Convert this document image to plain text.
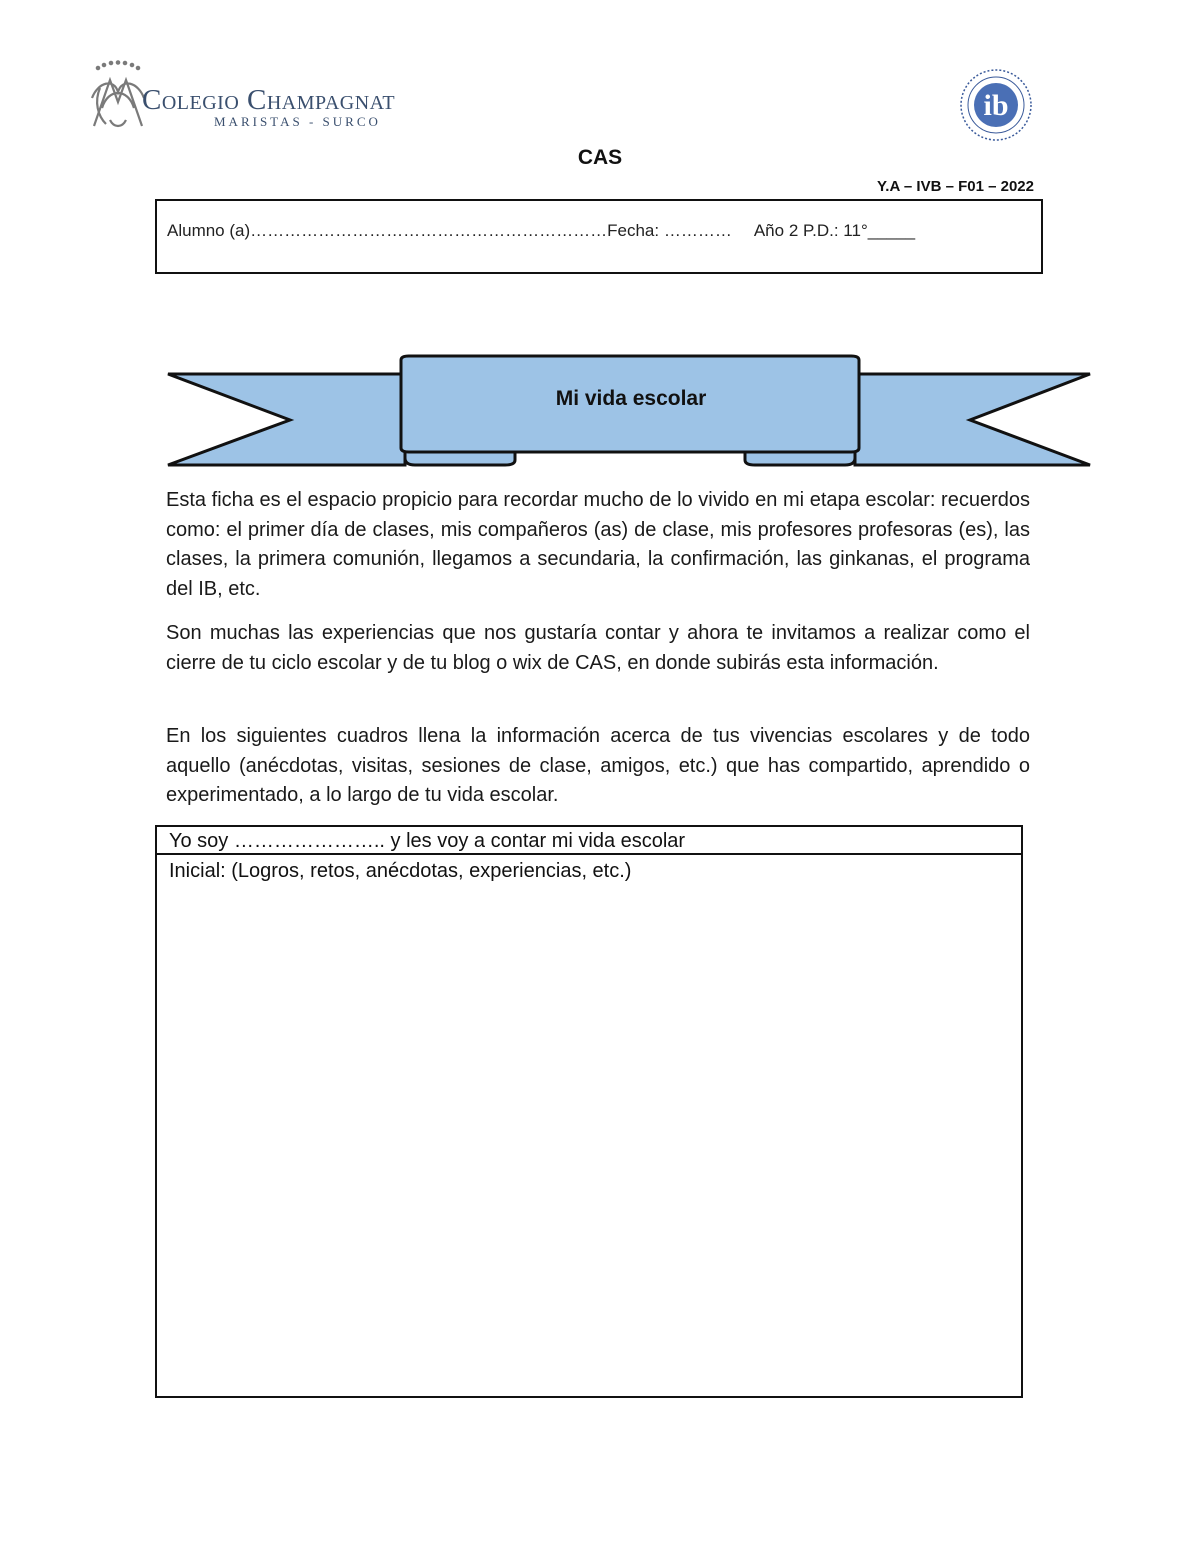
Colegio Champagnat
MARISTAS - SURCO	ib
CAS
Y.A – IVB – F01 – 2022
Alumno (a)………………………………………………………Fecha: ………… Año 2 P.D.: 11°_____
Mi vida escolar
Esta ficha es el espacio propicio para recordar mucho de lo vivido en mi etapa escolar: recuerdos como: el primer día de clases, mis compañeros (as) de clase, mis profesores profesoras (es), las clases, la primera comunión, llegamos a secundaria, la confirmación, las ginkanas, el programa del IB, etc.
Son muchas las experiencias que nos gustaría contar y ahora te invitamos a realizar como el cierre de tu ciclo escolar y de tu blog o wix de CAS, en donde subirás esta información.
En los siguientes cuadros llena la información acerca de tus vivencias escolares y de todo aquello (anécdotas, visitas, sesiones de clase, amigos, etc.) que has compartido, aprendido o experimentado, a lo largo de tu vida escolar.
Yo soy ………………….. y les voy a contar mi vida escolar
Inicial: (Logros, retos, anécdotas, experiencias, etc.)
